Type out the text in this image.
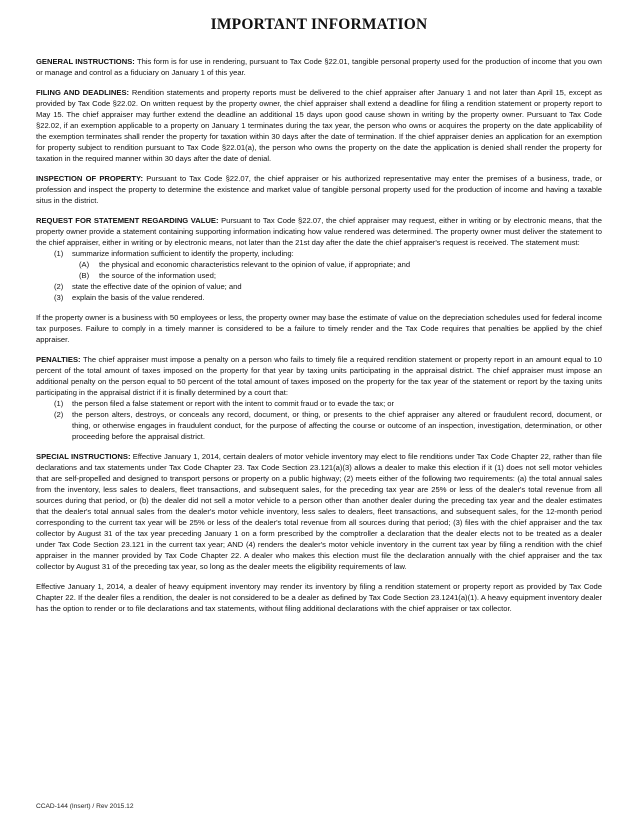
IMPORTANT INFORMATION

GENERAL INSTRUCTIONS: This form is for use in rendering, pursuant to Tax Code §22.01, tangible personal property used for the production of income that you own or manage and control as a fiduciary on January 1 of this year.

FILING AND DEADLINES: Rendition statements and property reports must be delivered to the chief appraiser after January 1 and not later than April 15, except as provided by Tax Code §22.02. On written request by the property owner, the chief appraiser shall extend a deadline for filing a rendition statement or property report to May 15. The chief appraiser may further extend the deadline an additional 15 days upon good cause shown in writing by the property owner. Pursuant to Tax Code §22.02, if an exemption applicable to a property on January 1 terminates during the tax year, the person who owns or acquires the property on the date applicability of the exemption terminates shall render the property for taxation within 30 days after the date of termination. If the chief appraiser denies an application for an exemption for property subject to rendition pursuant to Tax Code §22.01(a), the person who owns the property on the date the application is denied shall render the property for taxation in the required manner within 30 days after the date of denial.

INSPECTION OF PROPERTY: Pursuant to Tax Code §22.07, the chief appraiser or his authorized representative may enter the premises of a business, trade, or profession and inspect the property to determine the existence and market value of tangible personal property used for the production of income and having a taxable situs in the district.

REQUEST FOR STATEMENT REGARDING VALUE: Pursuant to Tax Code §22.07, the chief appraiser may request, either in writing or by electronic means, that the property owner provide a statement containing supporting information indicating how value rendered was determined. The property owner must deliver the statement to the chief appraiser, either in writing or by electronic means, not later than the 21st day after the date the chief appraiser's request is received. The statement must:

(1)	summarize information sufficient to identify the property, including:
(A)	the physical and economic characteristics relevant to the opinion of value, if appropriate; and
(B)	the source of the information used;
(2)	state the effective date of the opinion of value; and
(3)	explain the basis of the value rendered.

If the property owner is a business with 50 employees or less, the property owner may base the estimate of value on the depreciation schedules used for federal income tax purposes. Failure to comply in a timely manner is considered to be a failure to timely render and the Tax Code requires that penalties be applied by the chief appraiser.

PENALTIES: The chief appraiser must impose a penalty on a person who fails to timely file a required rendition statement or property report in an amount equal to 10 percent of the total amount of taxes imposed on the property for that year by taxing units participating in the appraisal district. The chief appraiser must impose an additional penalty on the person equal to 50 percent of the total amount of taxes imposed on the property for the tax year of the statement or report by the taxing units participating in the appraisal district if it is finally determined by a court that:

(1)	the person filed a false statement or report with the intent to commit fraud or to evade the tax; or
(2)	the person alters, destroys, or conceals any record, document, or thing, or presents to the chief appraiser any altered or fraudulent record, document, or thing, or otherwise engages in fraudulent conduct, for the purpose of affecting the course or outcome of an inspection, investigation, determination, or other proceeding before the appraisal district.

SPECIAL INSTRUCTIONS: Effective January 1, 2014, certain dealers of motor vehicle inventory may elect to file renditions under Tax Code Chapter 22, rather than file declarations and tax statements under Tax Code Chapter 23. Tax Code Section 23.121(a)(3) allows a dealer to make this election if it (1) does not sell motor vehicles that are self-propelled and designed to transport persons or property on a public highway; (2) meets either of the following two requirements: (a) the total annual sales from the inventory, less sales to dealers, fleet transactions, and subsequent sales, for the preceding tax year are 25% or less of the dealer's total revenue from all sources during that period, or (b) the dealer did not sell a motor vehicle to a person other than another dealer during the preceding tax year and the dealer estimates that the dealer's total annual sales from the dealer's motor vehicle inventory, less sales to dealers, fleet transactions, and subsequent sales, for the 12-month period corresponding to the current tax year will be 25% or less of the dealer's total revenue from all sources during that period; (3) files with the chief appraiser and the tax collector by August 31 of the tax year preceding January 1 on a form prescribed by the comptroller a declaration that the dealer elects not to be treated as a dealer under Tax Code Section 23.121 in the current tax year; AND (4) renders the dealer's motor vehicle inventory in the current tax year by filing a rendition with the chief appraiser in the manner provided by Tax Code Chapter 22. A dealer who makes this election must file the declaration annually with the chief appraiser and the tax collector by August 31 of the preceding tax year, so long as the dealer meets the eligibility requirements of law.

Effective January 1, 2014, a dealer of heavy equipment inventory may render its inventory by filing a rendition statement or property report as provided by Tax Code Chapter 22. If the dealer files a rendition, the dealer is not considered to be a dealer as defined by Tax Code Section 23.1241(a)(1). A heavy equipment inventory dealer has the option to render or to file declarations and tax statements, without filing additional declarations with the chief appraiser or tax collector.

CCAD-144 (Insert) / Rev 2015.12
